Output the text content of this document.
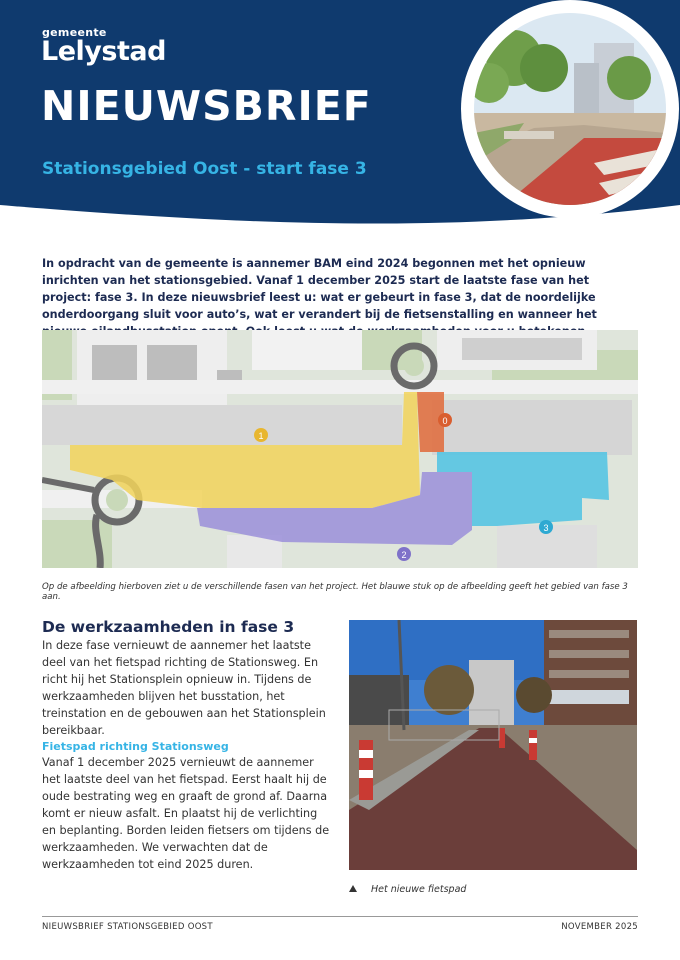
gemeente
Lelystad
NIEUWSBRIEF
Stationsgebied Oost - start fase 3
In opdracht van de gemeente is aannemer BAM eind 2024 begonnen met het opnieuw inrichten van het stationsgebied. Vanaf 1 december 2025 start de laatste fase van het project: fase 3. In deze nieuwsbrief leest u: wat er gebeurt in fase 3, dat de noordelijke onderdoorgang sluit voor auto’s, wat er verandert bij de fietsenstalling en wanneer het
0
1
2
3
Op de afbeelding hierboven ziet u de verschillende fasen van het project. Het blauwe stuk op de afbeelding geeft het gebied van fase 3 aan.
De werkzaamheden in fase 3
In deze fase vernieuwt de aannemer het laatste deel van het fietspad richting de Stationsweg. En richt hij het Stationsplein opnieuw in. Tijdens de werkzaamheden blijven het busstation, het treinstation en de gebouwen aan het Stationsplein bereikbaar.
Fietspad richting Stationsweg
Vanaf 1 december 2025 vernieuwt de aannemer het laatste deel van het fietspad. Eerst haalt hij de oude bestrating weg en graaft de grond af. Daarna komt er nieuw asfalt. En plaatst hij de verlichting en beplanting. Borden leiden fietsers om tijdens de werkzaamheden. We verwachten dat de werkzaamheden tot eind 2025 duren.
Het nieuwe fietspad
NIEUWSBRIEF STATIONSGEBIED OOST	NOVEMBER 2025
